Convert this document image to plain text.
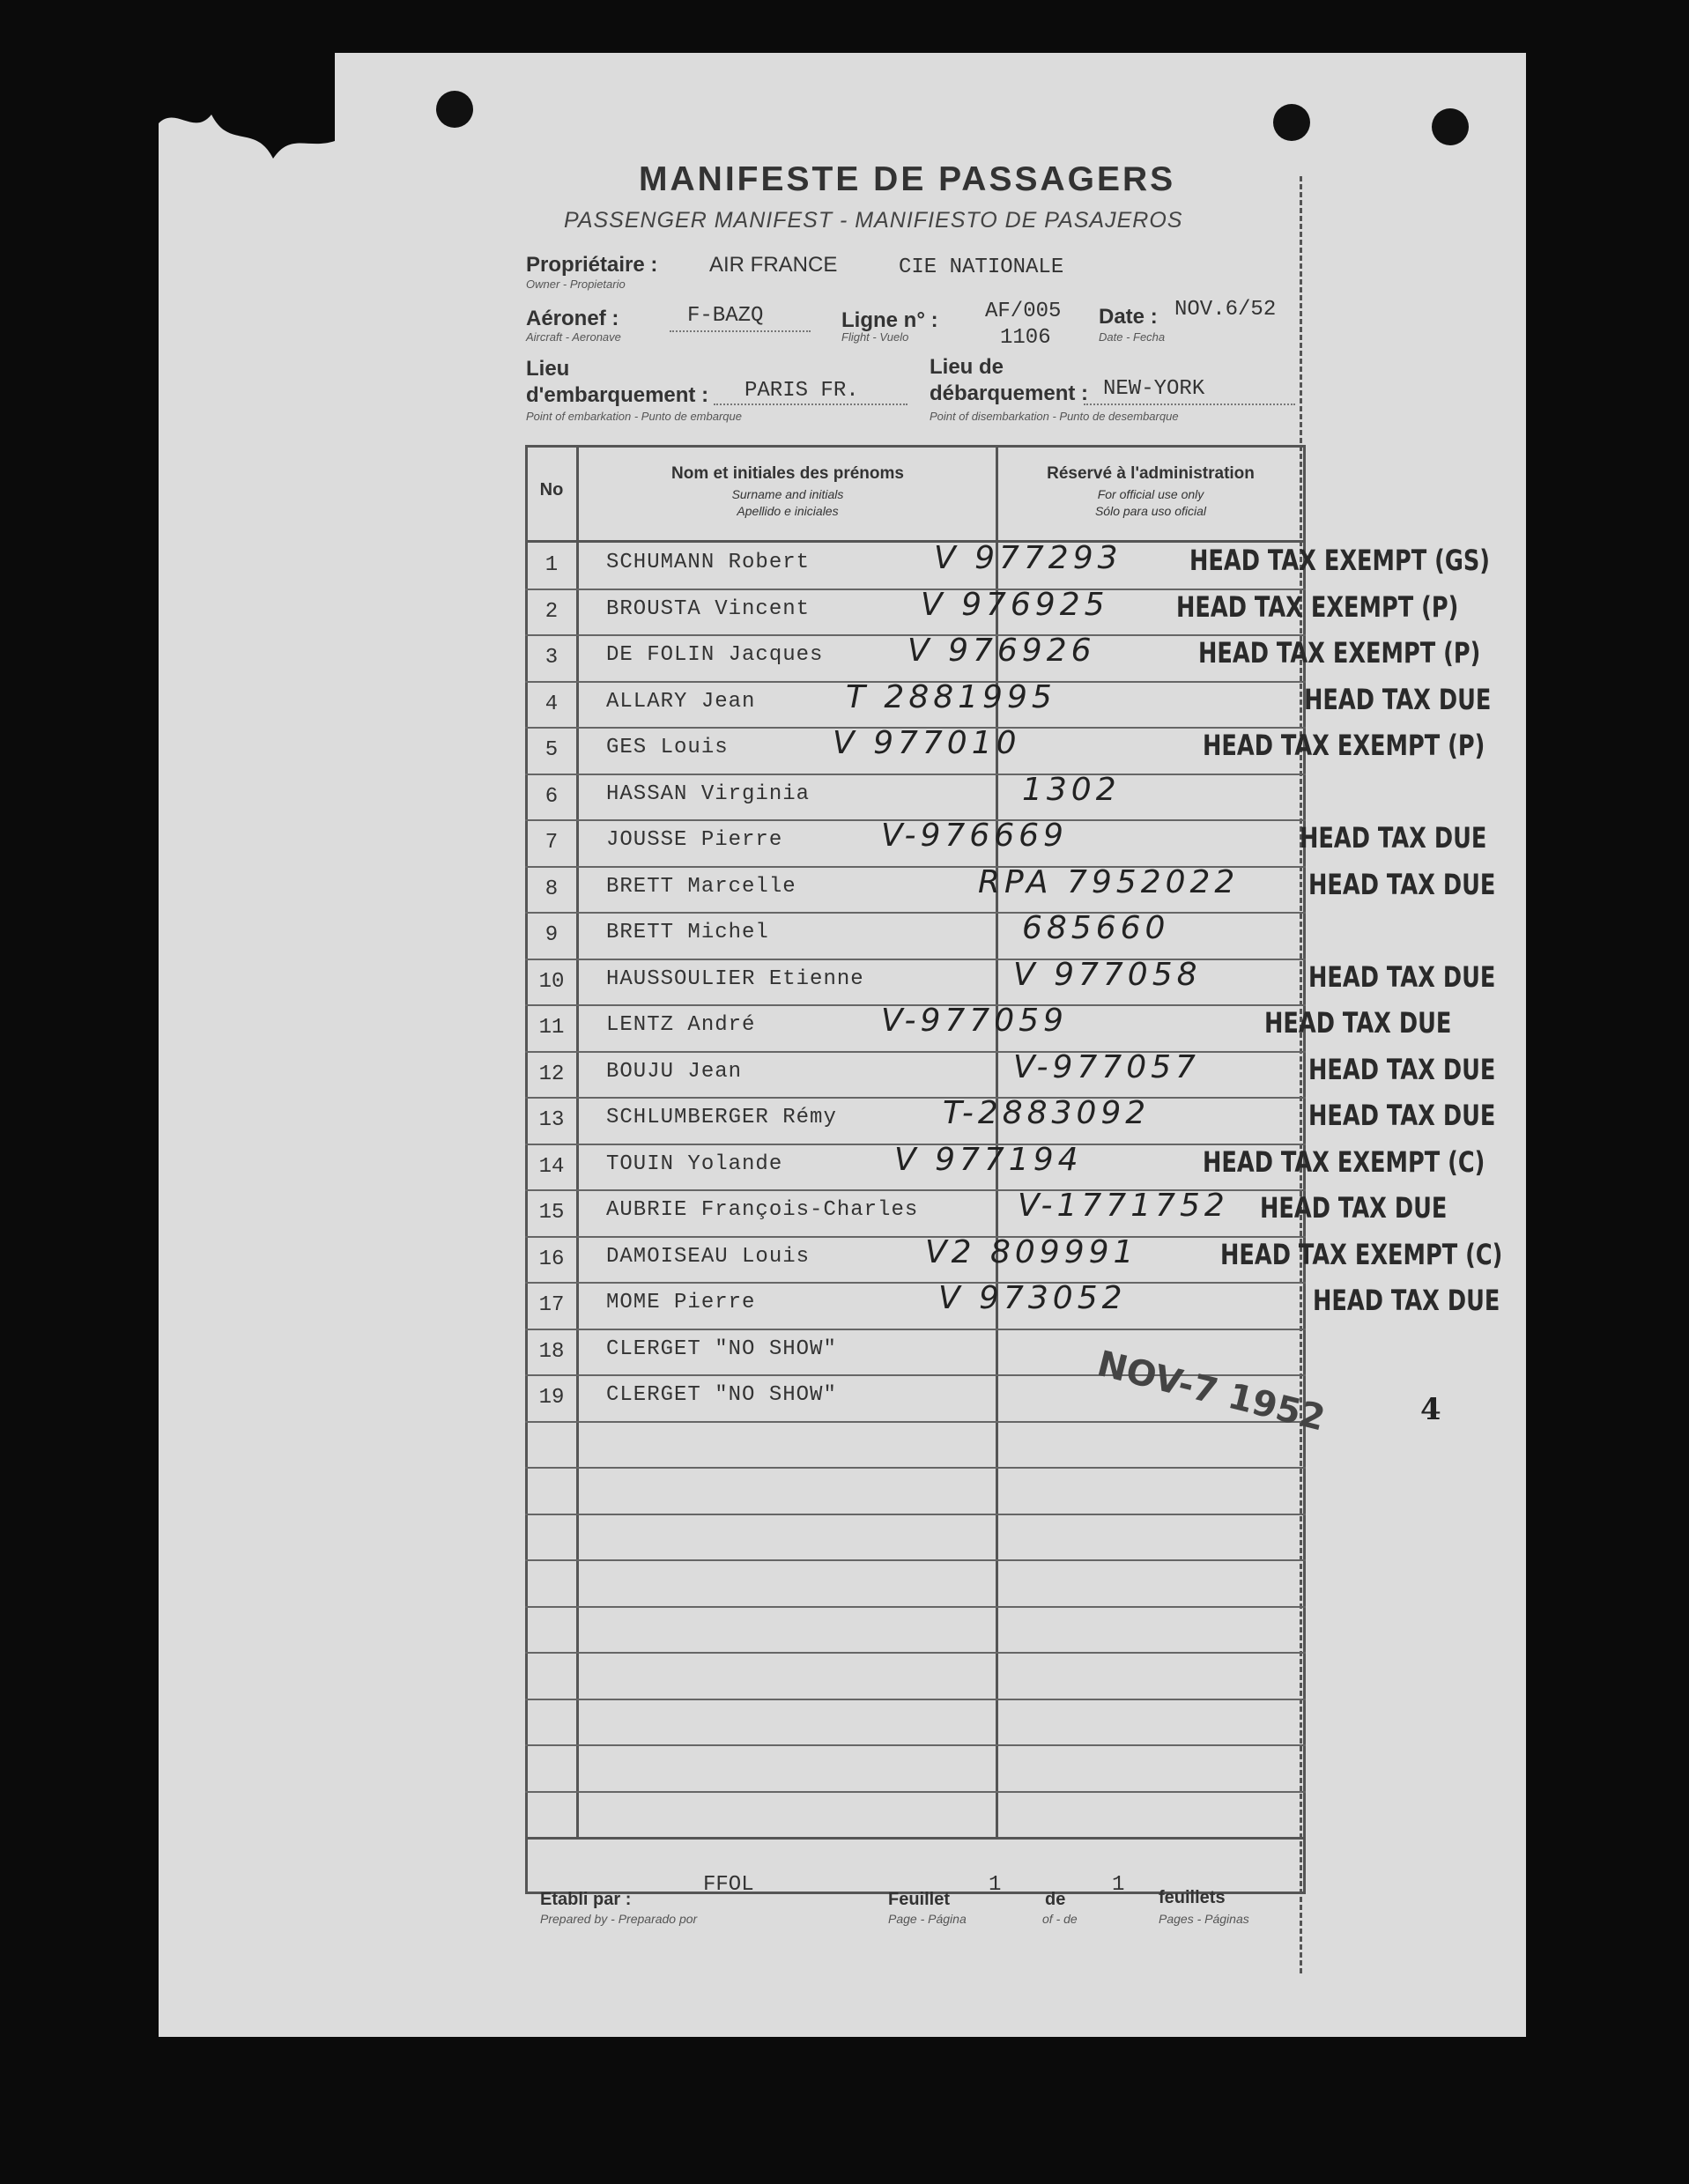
MANIFESTE DE PASSAGERS
PASSENGER MANIFEST - MANIFIESTO DE PASAJEROS
Propriétaire :
Owner - Propietario
AIR FRANCE	CIE NATIONALE
Aéronef :
Aircraft - Aeronave
F-BAZQ	Ligne n° :
Flight - Vuelo
AF/005
1106
Date :
Date - Fecha
NOV.6/52
Lieu
d'embarquement :
Point of embarkation - Punto de embarque
PARIS FR.
Lieu de
débarquement :
Point of disembarkation - Punto de desembarque
NEW-YORK
No
Nom et initiales des prénoms
Surname and initials
Apellido e iniciales
Réservé à l'administration
For official use only
Sólo para uso oficial
1	SCHUMANN Robert	V 977293 HEAD TAX EXEMPT (GS)
2	BROUSTA Vincent	V 976925 HEAD TAX EXEMPT (P)
3	DE FOLIN Jacques	V 976926	HEAD TAX EXEMPT (P)
4	ALLARY Jean	T 2881995	HEAD TAX DUE
5	GES Louis	V 977010	HEAD TAX EXEMPT (P)
6	HASSAN Virginia	1302
7	JOUSSE Pierre	V-976669	HEAD TAX DUE
8	BRETT Marcelle	RPA 7952022 HEAD TAX DUE
9	BRETT Michel	685660
10	HAUSSOULIER Etienne	V 977058	HEAD TAX DUE
11	LENTZ André	V-977059	HEAD TAX DUE
12	BOUJU Jean	V-977057	HEAD TAX DUE
13	SCHLUMBERGER Rémy	T-2883092	HEAD TAX DUE
14	TOUIN Yolande	V 977194	HEAD TAX EXEMPT (C)
15	AUBRIE François-Charles	V-1771752 HEAD TAX DUE
16	DAMOISEAU Louis	V2 809991	HEAD TAX EXEMPT (C)
17	MOME Pierre	V 973052	HEAD TAX DUE
18	CLERGET "NO SHOW"
19	CLERGET "NO SHOW"	NOV-7 1952	4
Etabli par :
Prepared by - Preparado por
FFOL
Feuillet
Page - Página
1
de
of - de
1
feuillets
Pages - Páginas
